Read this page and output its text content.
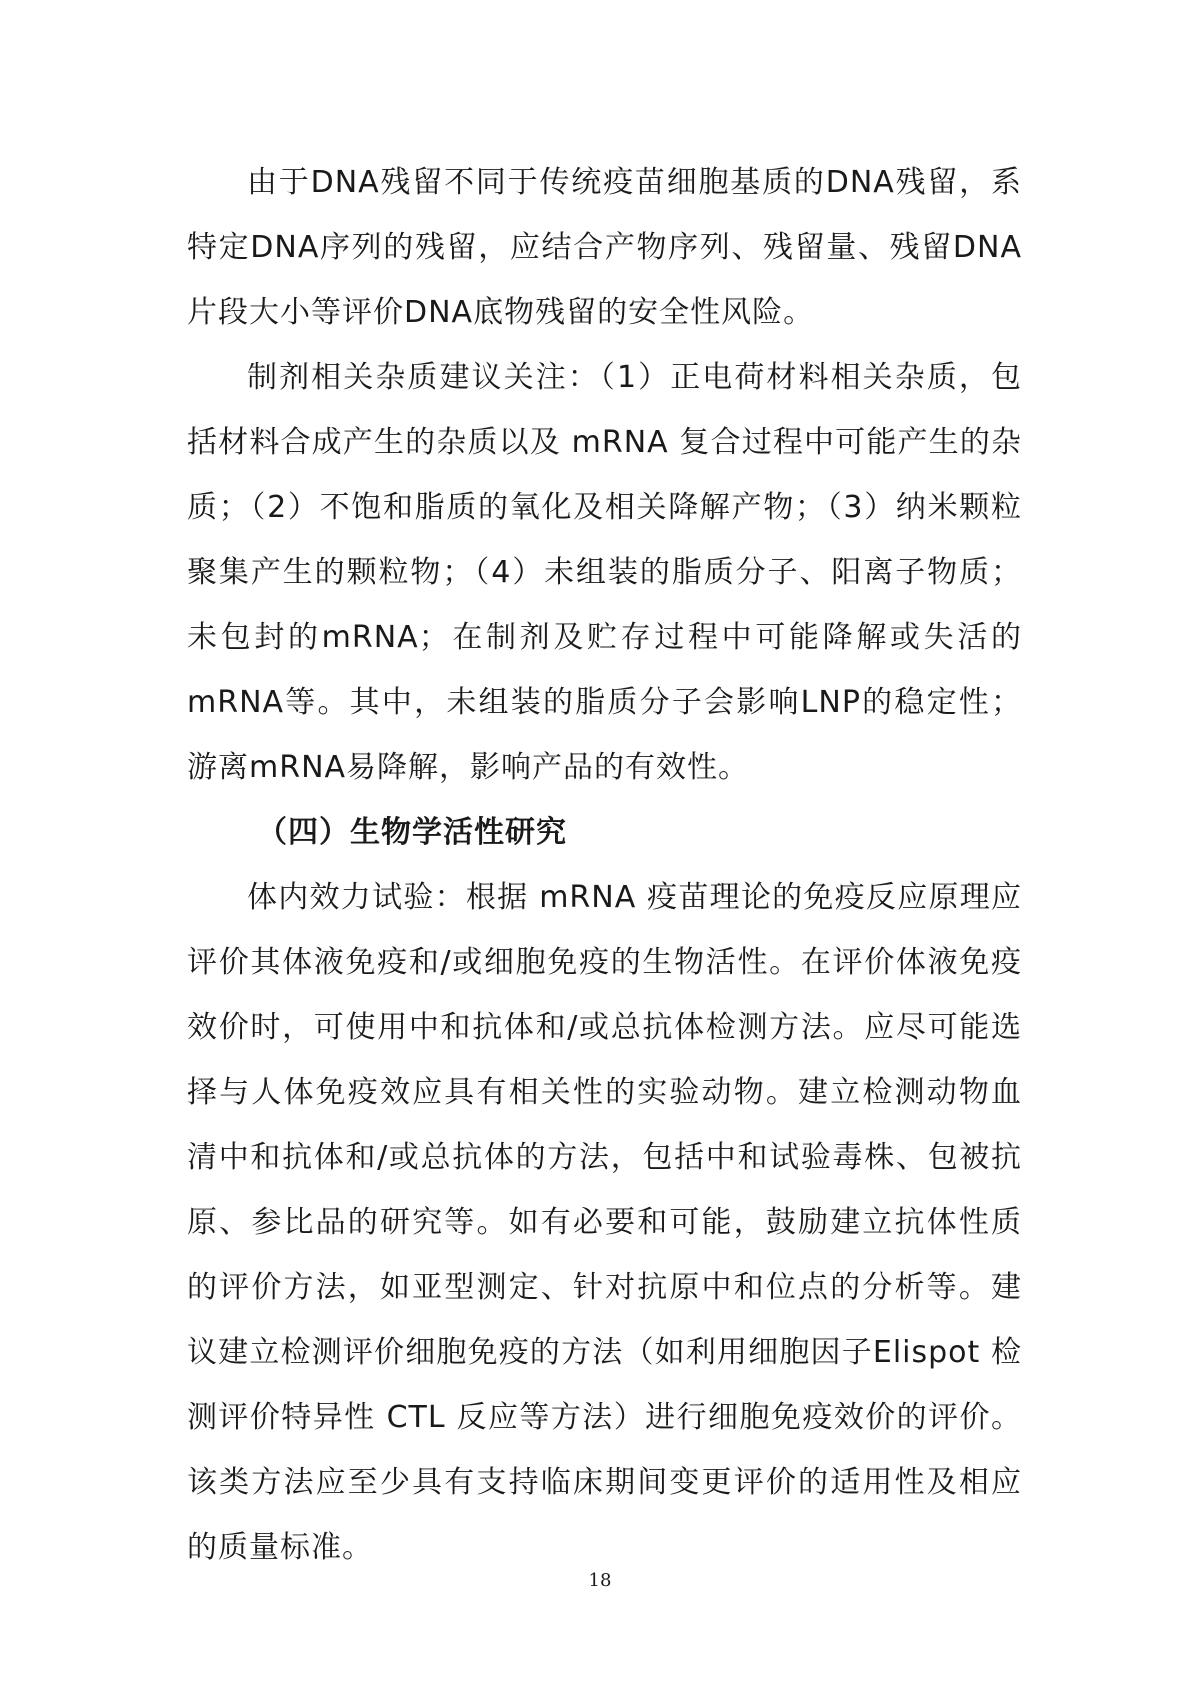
由于DNA残留不同于传统疫苗细胞基质的DNA残留，系特定DNA序列的残留，应结合产物序列、残留量、残留DNA片段大小等评价DNA底物残留的安全性风险。

制剂相关杂质建议关注：（1）正电荷材料相关杂质，包括材料合成产生的杂质以及 mRNA 复合过程中可能产生的杂质；（2）不饱和脂质的氧化及相关降解产物；（3）纳米颗粒聚集产生的颗粒物；（4）未组装的脂质分子、阳离子物质；未包封的mRNA；在制剂及贮存过程中可能降解或失活的mRNA等。其中，未组装的脂质分子会影响LNP的稳定性；游离mRNA易降解，影响产品的有效性。

（四）生物学活性研究

体内效力试验：根据 mRNA 疫苗理论的免疫反应原理应评价其体液免疫和/或细胞免疫的生物活性。在评价体液免疫效价时，可使用中和抗体和/或总抗体检测方法。应尽可能选择与人体免疫效应具有相关性的实验动物。建立检测动物血清中和抗体和/或总抗体的方法，包括中和试验毒株、包被抗原、参比品的研究等。如有必要和可能，鼓励建立抗体性质的评价方法，如亚型测定、针对抗原中和位点的分析等。建议建立检测评价细胞免疫的方法（如利用细胞因子Elispot 检测评价特异性 CTL 反应等方法）进行细胞免疫效价的评价。该类方法应至少具有支持临床期间变更评价的适用性及相应的质量标准。

18
